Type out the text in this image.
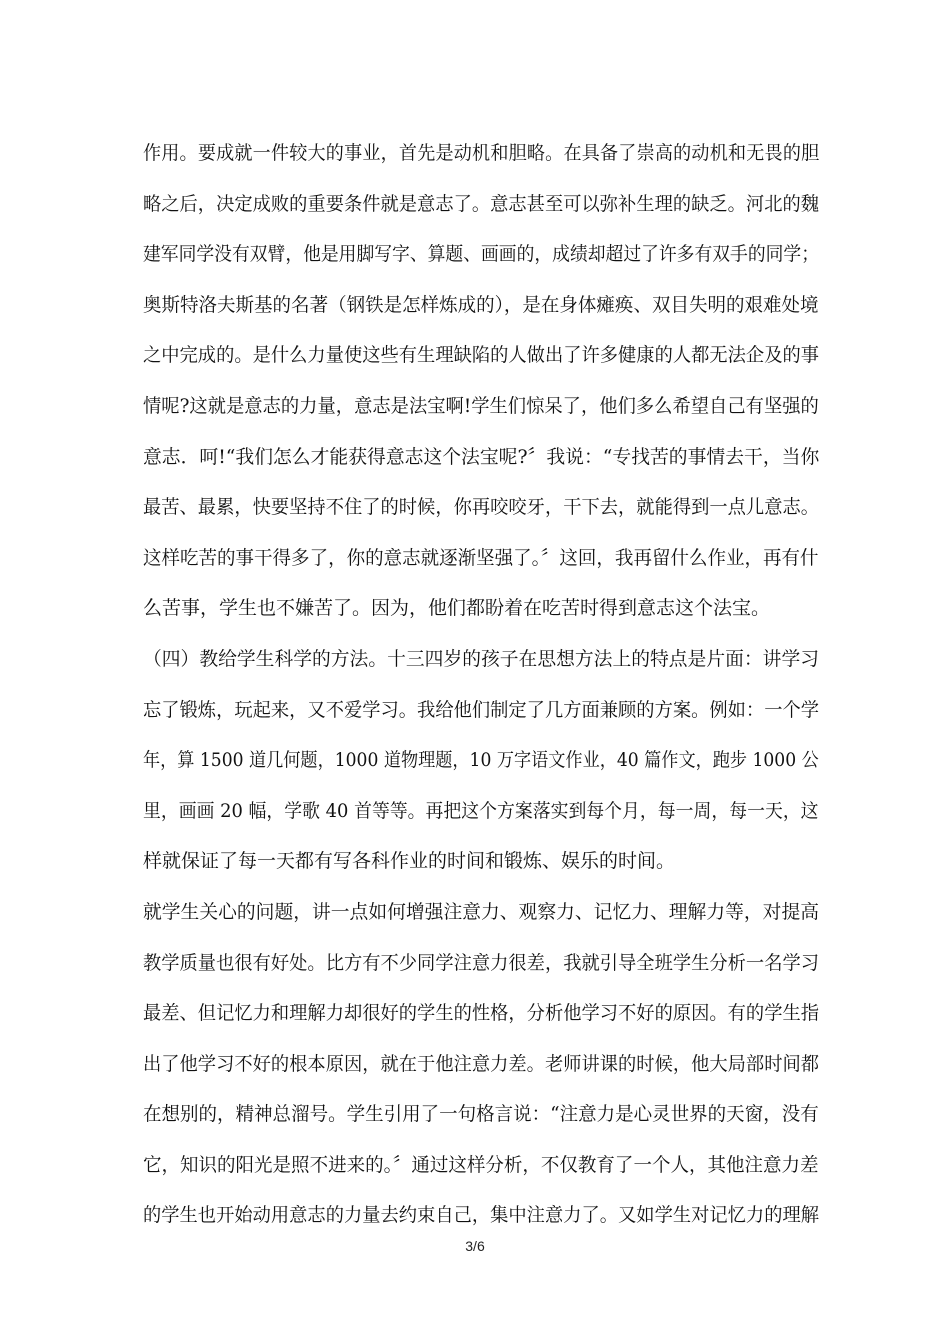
作用。要成就一件较大的事业，首先是动机和胆略。在具备了崇高的动机和无畏的胆
略之后，决定成败的重要条件就是意志了。意志甚至可以弥补生理的缺乏。河北的魏
建军同学没有双臂，他是用脚写字、算题、画画的，成绩却超过了许多有双手的同学；
奥斯特洛夫斯基的名著（钢铁是怎样炼成的），是在身体瘫痪、双目失明的艰难处境
之中完成的。是什么力量使这些有生理缺陷的人做出了许多健康的人都无法企及的事
情呢?这就是意志的力量，意志是法宝啊!学生们惊呆了，他们多么希望自己有坚强的
意志．呵!“我们怎么才能获得意志这个法宝呢?〞我说：“专找苦的事情去干，当你
最苦、最累，快要坚持不住了的时候，你再咬咬牙，干下去，就能得到一点儿意志。
这样吃苦的事干得多了，你的意志就逐渐坚强了。〞这回，我再留什么作业，再有什
么苦事，学生也不嫌苦了。因为，他们都盼着在吃苦时得到意志这个法宝。
（四）教给学生科学的方法。十三四岁的孩子在思想方法上的特点是片面：讲学习
忘了锻炼，玩起来，又不爱学习。我给他们制定了几方面兼顾的方案。例如：一个学
年，算 1500 道几何题，1000 道物理题，10 万字语文作业，40 篇作文，跑步 1000 公
里，画画 20 幅，学歌 40 首等等。再把这个方案落实到每个月，每一周，每一天，这
样就保证了每一天都有写各科作业的时间和锻炼、娱乐的时间。
就学生关心的问题，讲一点如何增强注意力、观察力、记忆力、理解力等，对提高
教学质量也很有好处。比方有不少同学注意力很差，我就引导全班学生分析一名学习
最差、但记忆力和理解力却很好的学生的性格，分析他学习不好的原因。有的学生指
出了他学习不好的根本原因，就在于他注意力差。老师讲课的时候，他大局部时间都
在想别的，精神总溜号。学生引用了一句格言说：“注意力是心灵世界的天窗，没有
它，知识的阳光是照不进来的。〞通过这样分析，不仅教育了一个人，其他注意力差
的学生也开始动用意志的力量去约束自己，集中注意力了。又如学生对记忆力的理解
3/6
